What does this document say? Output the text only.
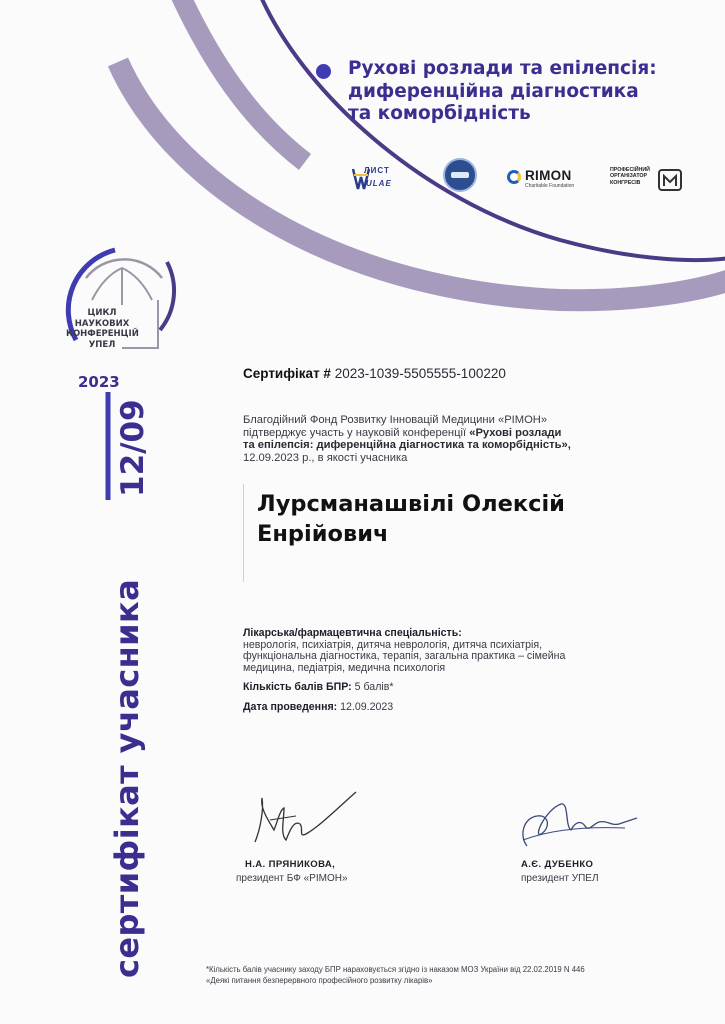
Рухові розлади та епілепсія:
диференційна діагностика
та коморбідність
ЛИСТ
ULAE
RIMON
Charitable Foundation
ПРОФЕСІЙНИЙ
ОРГАНІЗАТОР
КОНГРЕСІВ
ЦИКЛ
НАУКОВИХ
КОНФЕРЕНЦІЙ
УПЕЛ
2023
12/09
сертифікат учасника
Сертифікат # 2023-1039-5505555-100220
Благодійний Фонд Розвитку Інновацій Медицини «РІМОН»
підтверджує участь у науковій конференції «Рухові розлади
та епілепсія: диференційна діагностика та коморбідність»,
12.09.2023 р., в якості учасника
Лурсманашвілі Олексій
Енрійович
Лікарська/фармацевтична спеціальність:
неврологія, психіатрія, дитяча неврологія, дитяча психіатрія,
функціональна діагностика, терапія, загальна практика – сімейна
медицина, педіатрія, медична психологія
Кількість балів БПР: 5 балів*
Дата проведення: 12.09.2023
Н.А. ПРЯНИКОВА,
президент БФ «РІМОН»
А.Є. ДУБЕНКО
президент УПЕЛ
*Кількість балів учаснику заходу БПР нараховується згідно із наказом МОЗ України від 22.02.2019 N 446
«Деякі питання безперервного професійного розвитку лікарів»
